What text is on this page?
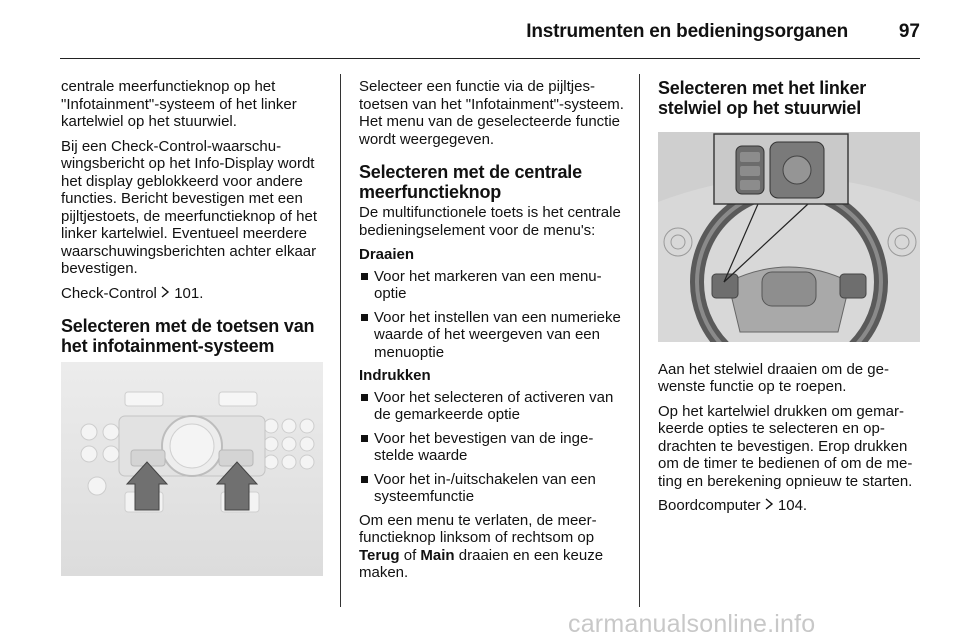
Instrumenten en bedieningsorganen	97

centrale meerfunctieknop op het "Infotainment"-systeem of het linker kartelwiel op het stuurwiel.

Bij een Check-Control-waarschuwingsbericht op het Info-Display wordt het display geblokkeerd voor andere functies. Bericht bevestigen met een pijltjestoets, de meerfunctieknop of het linker kartelwiel. Eventueel meerdere waarschuwingsberichten achter elkaar bevestigen.

Check-Control 101.

Selecteren met de toetsen van het infotainment-systeem

Selecteer een functie via de pijltjestoetsen van het "Infotainment"-systeem. Het menu van de geselecteerde functie wordt weergegeven.

Selecteren met de centrale meerfunctieknop

De multifunctionele toets is het centrale bedieningselement voor de menu's:

Draaien

Voor het markeren van een menuoptie
Voor het instellen van een numerieke waarde of het weergeven van een menuoptie

Indrukken

Voor het selecteren of activeren van de gemarkeerde optie
Voor het bevestigen van de ingestelde waarde
Voor het in-/uitschakelen van een systeemfunctie

Om een menu te verlaten, de meerfunctieknop linksom of rechtsom op Terug of Main draaien en een keuze maken.

Selecteren met het linker stelwiel op het stuurwiel

Aan het stelwiel draaien om de gewenste functie op te roepen.

Op het kartelwiel drukken om gemarkeerde opties te selecteren en opdrachten te bevestigen. Erop drukken om de timer te bedienen of om de meting en berekening opnieuw te starten.

Boordcomputer 104.

carmanualsonline.info
